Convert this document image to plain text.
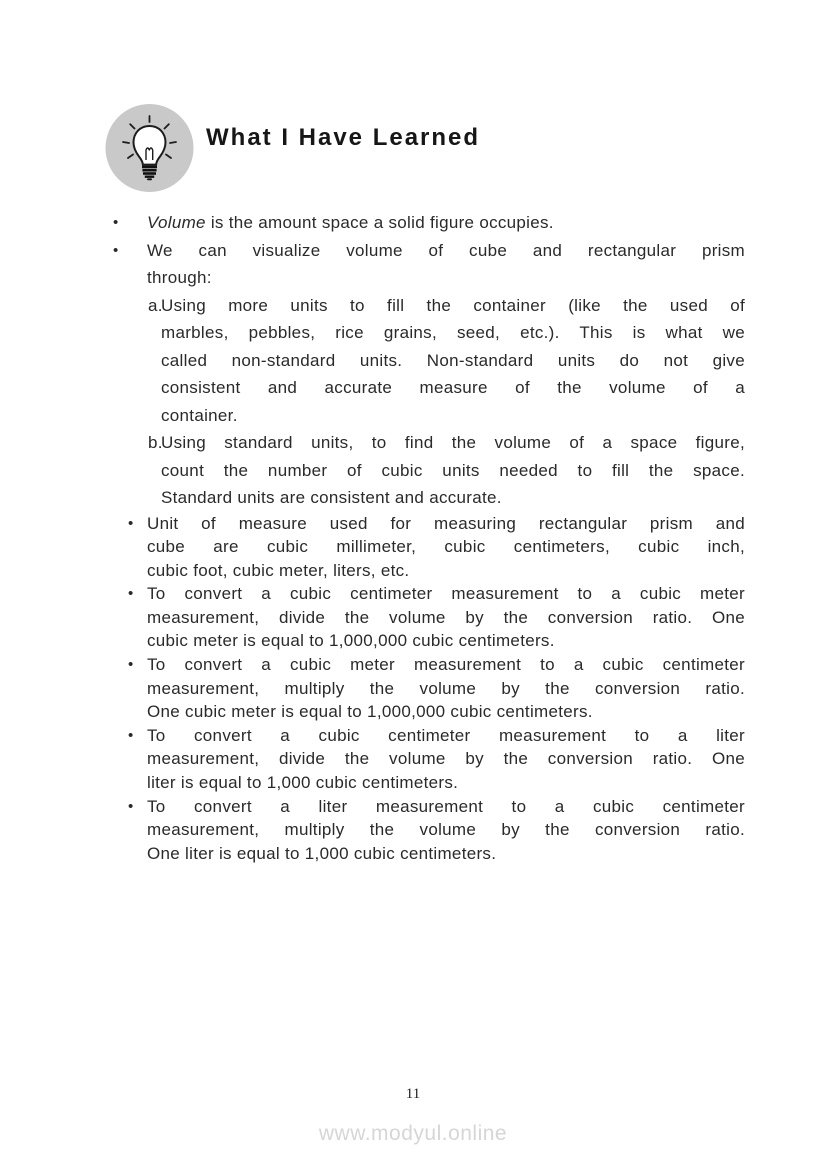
What I Have Learned
• Volume is the amount space a solid figure occupies.
• We can visualize volume of cube and rectangular prism
through:
a.
Using more units to fill the container (like the used of
marbles, pebbles, rice grains, seed, etc.). This is what we
called non-standard units. Non-standard units do not give
consistent and accurate measure of the volume of a
container.
b.
Using standard units, to find the volume of a space figure,
count the number of cubic units needed to fill the space.
Standard units are consistent and accurate.
• Unit of measure used for measuring rectangular prism and
cube are cubic millimeter, cubic centimeters, cubic inch,
cubic foot, cubic meter, liters, etc.
• To convert a cubic centimeter measurement to a cubic meter
measurement, divide the volume by the conversion ratio. One
cubic meter is equal to 1,000,000 cubic centimeters.
• To convert a cubic meter measurement to a cubic centimeter
measurement, multiply the volume by the conversion ratio.
One cubic meter is equal to 1,000,000 cubic centimeters.
• To convert a cubic centimeter measurement to a liter
measurement, divide the volume by the conversion ratio. One
liter is equal to 1,000 cubic centimeters.
• To convert a liter measurement to a cubic centimeter
measurement, multiply the volume by the conversion ratio.
One liter is equal to 1,000 cubic centimeters.
11
www.modyul.online
